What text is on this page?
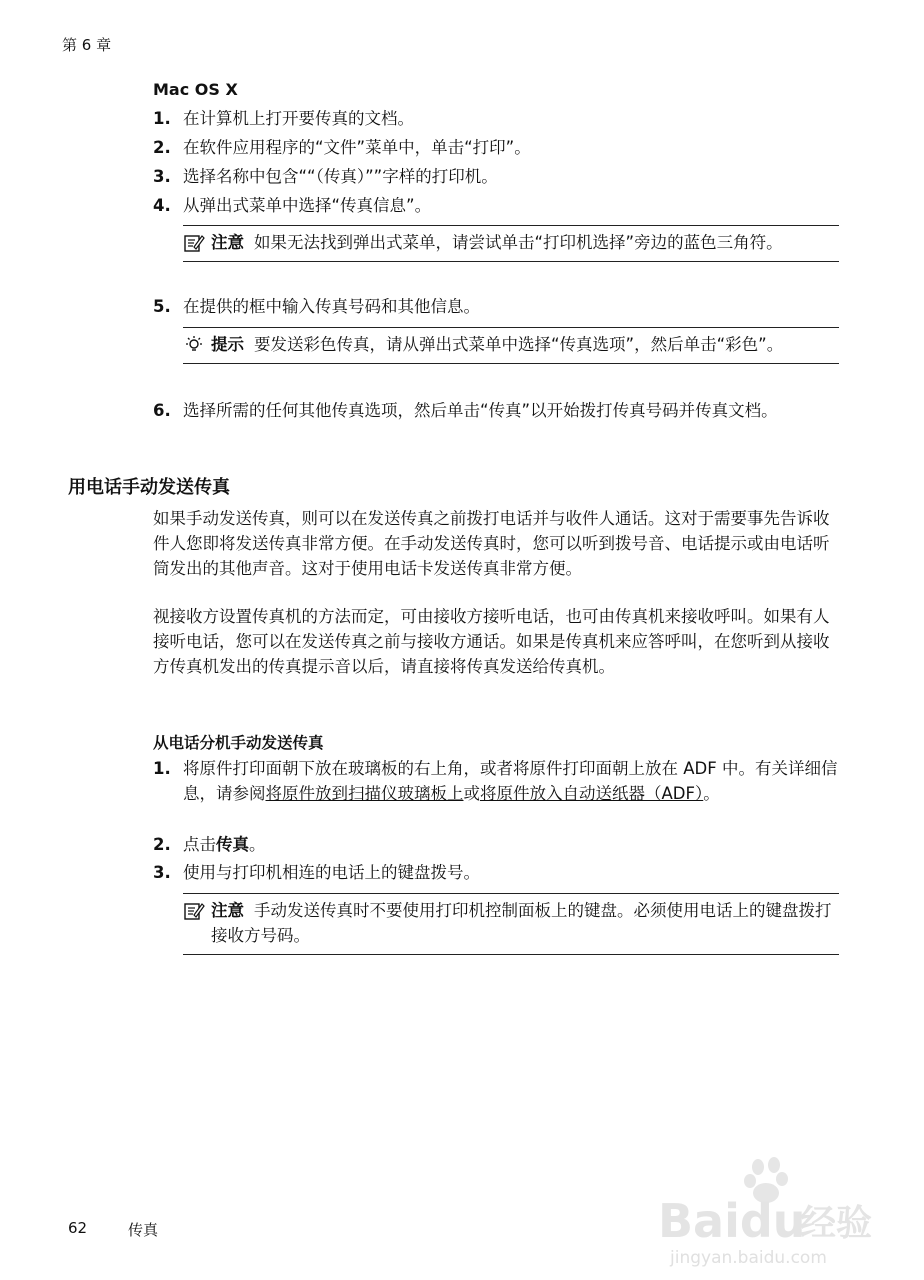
第 6 章
Mac OS X
1. 在计算机上打开要传真的文档。
2. 在软件应用程序的“文件”菜单中，单击“打印”。
3. 选择名称中包含““（传真）””字样的打印机。
4. 从弹出式菜单中选择“传真信息”。
注意 如果无法找到弹出式菜单，请尝试单击“打印机选择”旁边的蓝色三角符。
5. 在提供的框中输入传真号码和其他信息。
提示 要发送彩色传真，请从弹出式菜单中选择“传真选项”，然后单击“彩色”。
6. 选择所需的任何其他传真选项，然后单击“传真”以开始拨打传真号码并传真文档。
用电话手动发送传真
如果手动发送传真，则可以在发送传真之前拨打电话并与收件人通话。这对于需要事先告诉收件人您即将发送传真非常方便。在手动发送传真时，您可以听到拨号音、电话提示或由电话听筒发出的其他声音。这对于使用电话卡发送传真非常方便。
视接收方设置传真机的方法而定，可由接收方接听电话，也可由传真机来接收呼叫。如果有人接听电话，您可以在发送传真之前与接收方通话。如果是传真机来应答呼叫，在您听到从接收方传真机发出的传真提示音以后，请直接将传真发送给传真机。
从电话分机手动发送传真
1. 将原件打印面朝下放在玻璃板的右上角，或者将原件打印面朝上放在 ADF 中。有关详细信息，请参阅将原件放到扫描仪玻璃板上或将原件放入自动送纸器（ADF）。
2. 点击传真。
3. 使用与打印机相连的电话上的键盘拨号。
注意 手动发送传真时不要使用打印机控制面板上的键盘。必须使用电话上的键盘拨打接收方号码。
Baidu
经验
jingyan.baidu.com
62	传真
